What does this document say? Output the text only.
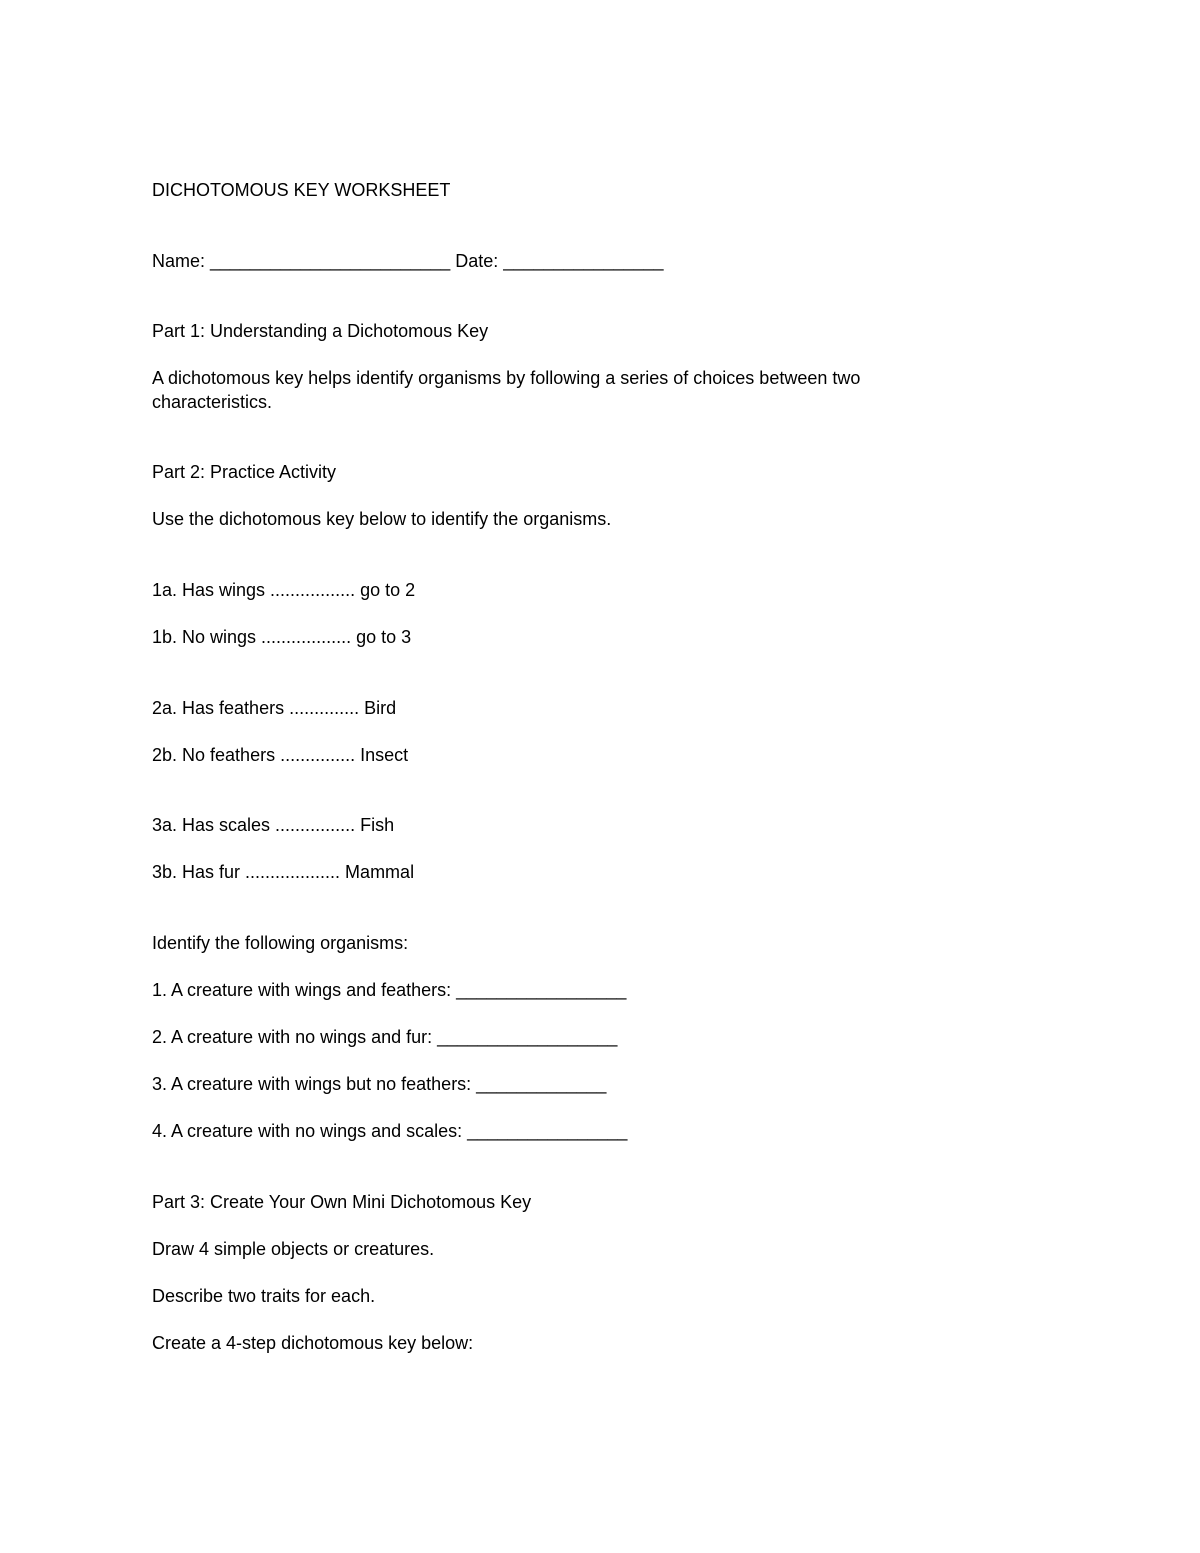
DICHOTOMOUS KEY WORKSHEET
Name: ________________________ Date: ________________
Part 1: Understanding a Dichotomous Key
A dichotomous key helps identify organisms by following a series of choices between two characteristics.
Part 2: Practice Activity
Use the dichotomous key below to identify the organisms.
1a. Has wings ................. go to 2
1b. No wings .................. go to 3
2a. Has feathers .............. Bird
2b. No feathers ............... Insect
3a. Has scales ................ Fish
3b. Has fur ................... Mammal
Identify the following organisms:
1. A creature with wings and feathers: _________________
2. A creature with no wings and fur: __________________
3. A creature with wings but no feathers: _____________
4. A creature with no wings and scales: ________________
Part 3: Create Your Own Mini Dichotomous Key
Draw 4 simple objects or creatures.
Describe two traits for each.
Create a 4-step dichotomous key below:
